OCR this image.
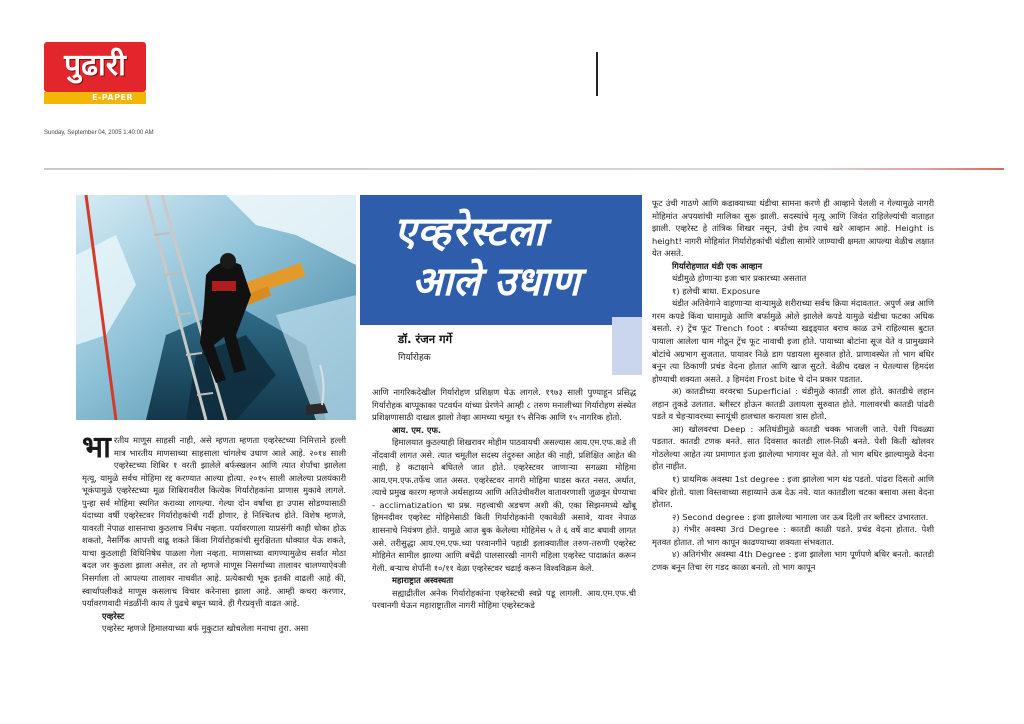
पुढारी
E-PAPER
Sunday, September 04, 2005 1:40:00 AM
एव्हरेस्टला
आले उधाण
डॉ. रंजन गर्गे
गिर्यारोहक

भारतीय माणूस साहसी नाही, असे म्हणता म्हणता एव्हरेस्टच्या निमित्ताने हल्ली मात्र भारतीय माणसाच्या साहसाला चांगलेच उधाण आले आहे. २०१४ साली एव्हरेस्टच्या शिबिर १ वरती झालेले बर्फस्खलन आणि त्यात शेर्पांचा झालेला मृत्यू, यामुळे सर्वच मोहिमा रद्द करण्यात आल्या होत्या. २०१५ साली आलेल्या प्रलयंकारी भूकंपामुळे एव्हरेस्टच्या मूळ शिबिरावरील कित्येक गिर्यारोहकांना प्राणास मुकावे लागले. पुन्हा सर्व मोहिमा स्थगित कराव्या लागल्या. गेल्या दोन वर्षांचा हा उपास सोडण्यासाठी यंदाच्या वर्षी एव्हरेस्टवर गिर्यारोहकांची गर्दी होणार, हे निश्चितच होते. विशेष म्हणजे, यावरती नेपाळ शासनाचा कुठलाच निर्बंध नव्हता. पर्यावरणाला याप्रसंगी काही धोका होऊ शकतो, नैसर्गिक आपत्ती वाढू शकते किंवा गिर्यारोहकांची सुरक्षितता धोक्यात येऊ शकते, याचा कुठलाही विधिनिषेध पाळला गेला नव्हता. माणसाच्या वागण्यामुळेच सर्वात मोठा बदल जर कुठला झाला असेल, तर तो म्हणजे माणूस निसर्गाच्या तालावर चालण्याऐवजी निसर्गाला तो आपल्या तालावर नाचवीत आहे. प्रत्येकाची भूक इतकी वाढली आहे की, स्वार्थापलीकडे माणूस कसलाच विचार करेनासा झाला आहे. आम्ही कचरा करणार, पर्यावरणवादी मंडळींनी काय ते पुढचे बघून घ्यावे. ही गैरप्रवृत्ती वाढत आहे.

एव्हरेस्ट

एव्हरेस्ट म्हणजे हिमालयाच्या बर्फ मुकुटात खोचलेला मनाचा तुरा. असा

आणि नागरिकदेखील गिर्यारोहण प्रशिक्षण घेऊ लागले. १९७३ साली पुण्याहून प्रसिद्ध गिर्यारोहक बाप्पूकाका पटवर्धन यांच्या प्रेरणेने आम्ही ८ तरुण मनालीच्या गिर्यारोहण संस्थेत प्रशिक्षणासाठी दाखल झालो तेव्हा आमच्या चमूत १५ सैनिक आणि १५ नागरिक होतो.

आय. एम. एफ.

हिमालयात कुठल्याही शिखरावर मोहीम पाठवायची असल्यास आय.एम.एफ.कडे ती नोंदवावी लागत असे. त्यात चमूतील सदस्य तंदुरुस्त आहेत की नाही, प्रशिक्षित आहेत की नाही, हे कटाक्षाने बघितले जात होते. एव्हरेस्टवर जाणाऱ्या सगळ्या मोहिमा आय.एम.एफ.तर्फेच जात असत. एव्हरेस्टवर नागरी मोहिमा धाडस करत नसत. अर्थात, त्याचे प्रमुख कारण म्हणजे अर्थसहाय्य आणि अतिउंचीवरील वातावरणाशी जुळवून घेण्याचा - acclimatization चा प्रश्न. महत्त्वाची अडचण अशी की, एका सिझनमध्ये खोंबू हिमनदीवर एव्हरेस्ट मोहिमेसाठी किती गिर्यारोहकांनी एकावेळी असावे, यावर नेपाळ शासनाचे नियंत्रण होते. यामुळे आज बुक केलेल्या मोहिमेस ५ ते ६ वर्षे वाट बघावी लागत असे. तरीसुद्धा आय.एम.एफ.च्या परवानगीने पहाडी इलाक्यातील तरुण-तरुणी एव्हरेस्ट मोहिमेत सामील झाल्या आणि बचेंद्री पालसारखी नागरी महिला एव्हरेस्ट पादाक्रांत करून गेली. बऱ्याच शेर्पांनी १०/११ वेळा एव्हरेस्टवर चढाई करून विश्वविक्रम केले.

महाराष्ट्रात अस्वस्थता

सह्याद्रीतील अनेक गिर्यारोहकांना एव्हरेस्टची स्वप्ने पडू लागली. आय.एम.एफ.ची परवानगी घेऊन महाराष्ट्रातील नागरी मोहिमा एव्हरेस्टकडे

फूट उंची गाठणे आणि कडाक्याच्या थंडीचा सामना करणे ही आव्हाने पेलली न गेल्यामुळे नागरी मोहिमांत अपयशांची मालिका सुरू झाली. सदस्यांचे मृत्यू आणि जिवंत राहिलेल्यांची वाताहत झाली. एव्हरेस्ट हे तांत्रिक शिखर नसून, उंची हेच त्याचे खरे आव्हान आहे. Height is height! नागरी मोहिमांत गिर्यारोहकांची थंडीला सामोरे जाण्याची क्षमता आपल्या वेळीच लक्षात येत असते.

गिर्यारोहणात थंडी एक आव्हान

थंडीमुळे होणाऱ्या इजा चार प्रकारच्या असतात

१) हलेची बाधा. Exposure

थंडीत अतिवेगाने वाहणाऱ्या वाऱ्यामुळे शरीराच्या सर्वच क्रिया मंदावतात. अपुर्ण अन्न आणि गरम कपडे किंवा घामामुळे आणि बर्फामुळे ओले झालेले कपडे यामुळे थंडीचा फटका अधिक बसतो. २) ट्रेंच फूट Trench foot : बर्फाच्या खड्ड्यात बराच काळ उभे राहिल्यास बुटात पायाला आलेला घाम गोठून ट्रेंच फूट नावाची इजा होते. पायाच्या बोटांना सूज येते व प्रामुख्याने बोटांचे अग्रभाग सुजतात. पायावर निळे डाग पडायला सुरुवात होते. प्राणावस्थेत तो भाग बधिर बनून त्या ठिकाणी प्रचंड वेदना होतात आणि खाज सुटते. वेळीच दखल न घेतल्यास हिमदंश होण्याची शक्यता असते. ३ हिमदंश Frost bite चे दोन प्रकार पडतात.

अ) कातडीच्या वरवरचा Superficial : थंडीमुळे कातडी लाल होते. कातडीचे लहान लहान तुकडे उलतात. ब्लीस्टर होऊन कातडी उलायला सुरुवात होते. गालावरची कातडी पांढरी पडते व चेहऱ्यावरच्या स्नायूंची हालचाल करायला त्रास होतो.

आ) खोलवरचा Deep : अतिथंडीमुळे कातडी चक्क भाजली जाते. पेशी पिवळ्या पडतात. कातडी टणक बनते. सात दिवसात कातडी लाल-निळी बनते. पेशी किती खोलवर गोठलेल्या आहेत त्या प्रमाणात इजा झालेल्या भागावर सूज येते. तो भाग बधिर झाल्यामुळे वेदना होत नाहीत.

१) प्राथमिक अवस्था 1st degree : इजा झालेला भाग थंड पडतो. पांढरा दिसतो आणि बधिर होतो. याला विस्तवाच्या सहाय्याने ऊब देऊ नये. यात कातडीला चटका बसावा असा वेदना होतात.

२) Second degree : इजा झालेल्या भागाला जर ऊब दिली तर ब्लीस्टर उभारतात.

३) गंभीर अवस्था 3rd Degree : कातडी काळी पडते. प्रचंड वेदना होतात. पेशी मृतवत होतात. तो भाग कापून काढण्याच्या शक्यता संभवतात.

४) अतिगंभीर अवस्था 4th Degree : इजा झालेला भाग पूर्णपणे बधिर बनतो. कातडी टणक बनून तिचा रंग गडद काळा बनतो. तो भाग कापून
